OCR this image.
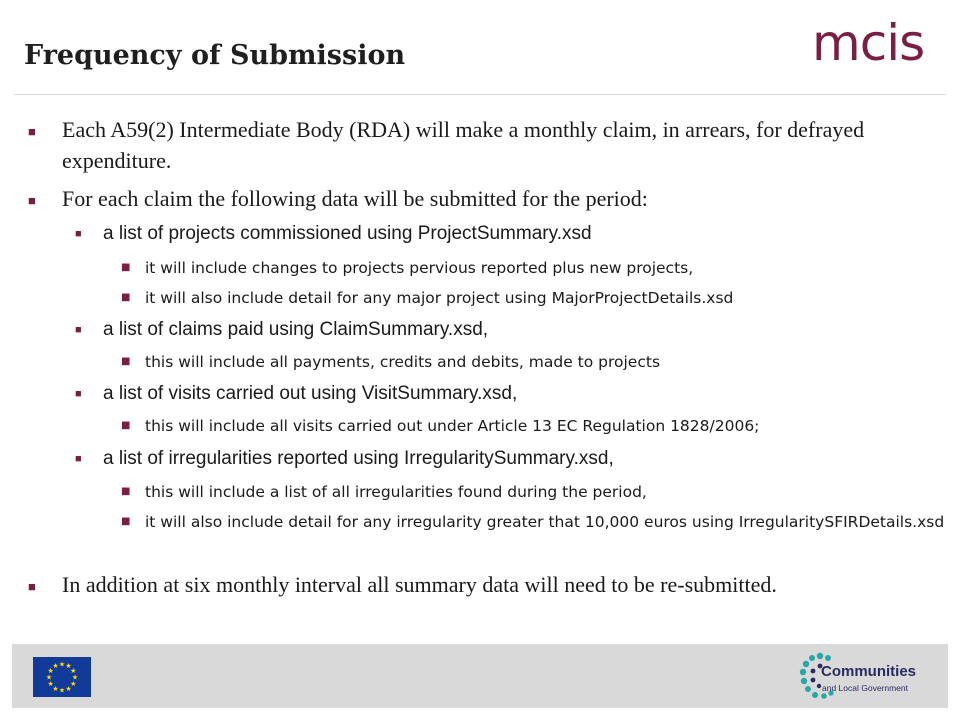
Frequency of Submission	mcis
■ Each A59(2) Intermediate Body (RDA) will make a monthly claim, in arrears, for defrayed expenditure.
■ For each claim the following data will be submitted for the period:
■ a list of projects commissioned using ProjectSummary.xsd
■ it will include changes to projects pervious reported plus new projects,
■ it will also include detail for any major project using MajorProjectDetails.xsd
■ a list of claims paid using ClaimSummary.xsd,
■ this will include all payments, credits and debits, made to projects
■ a list of visits carried out using VisitSummary.xsd,
■ this will include all visits carried out under Article 13 EC Regulation 1828/2006;
■ a list of irregularities reported using IrregularitySummary.xsd,
■ this will include a list of all irregularities found during the period,
■ it will also include detail for any irregularity greater that 10,000 euros using IrregularitySFIRDetails.xsd
■ In addition at six monthly interval all summary data will need to be re-submitted.
★ ★
★
★
★
★
★
★
★
★
★
★	Communities
and Local Government
